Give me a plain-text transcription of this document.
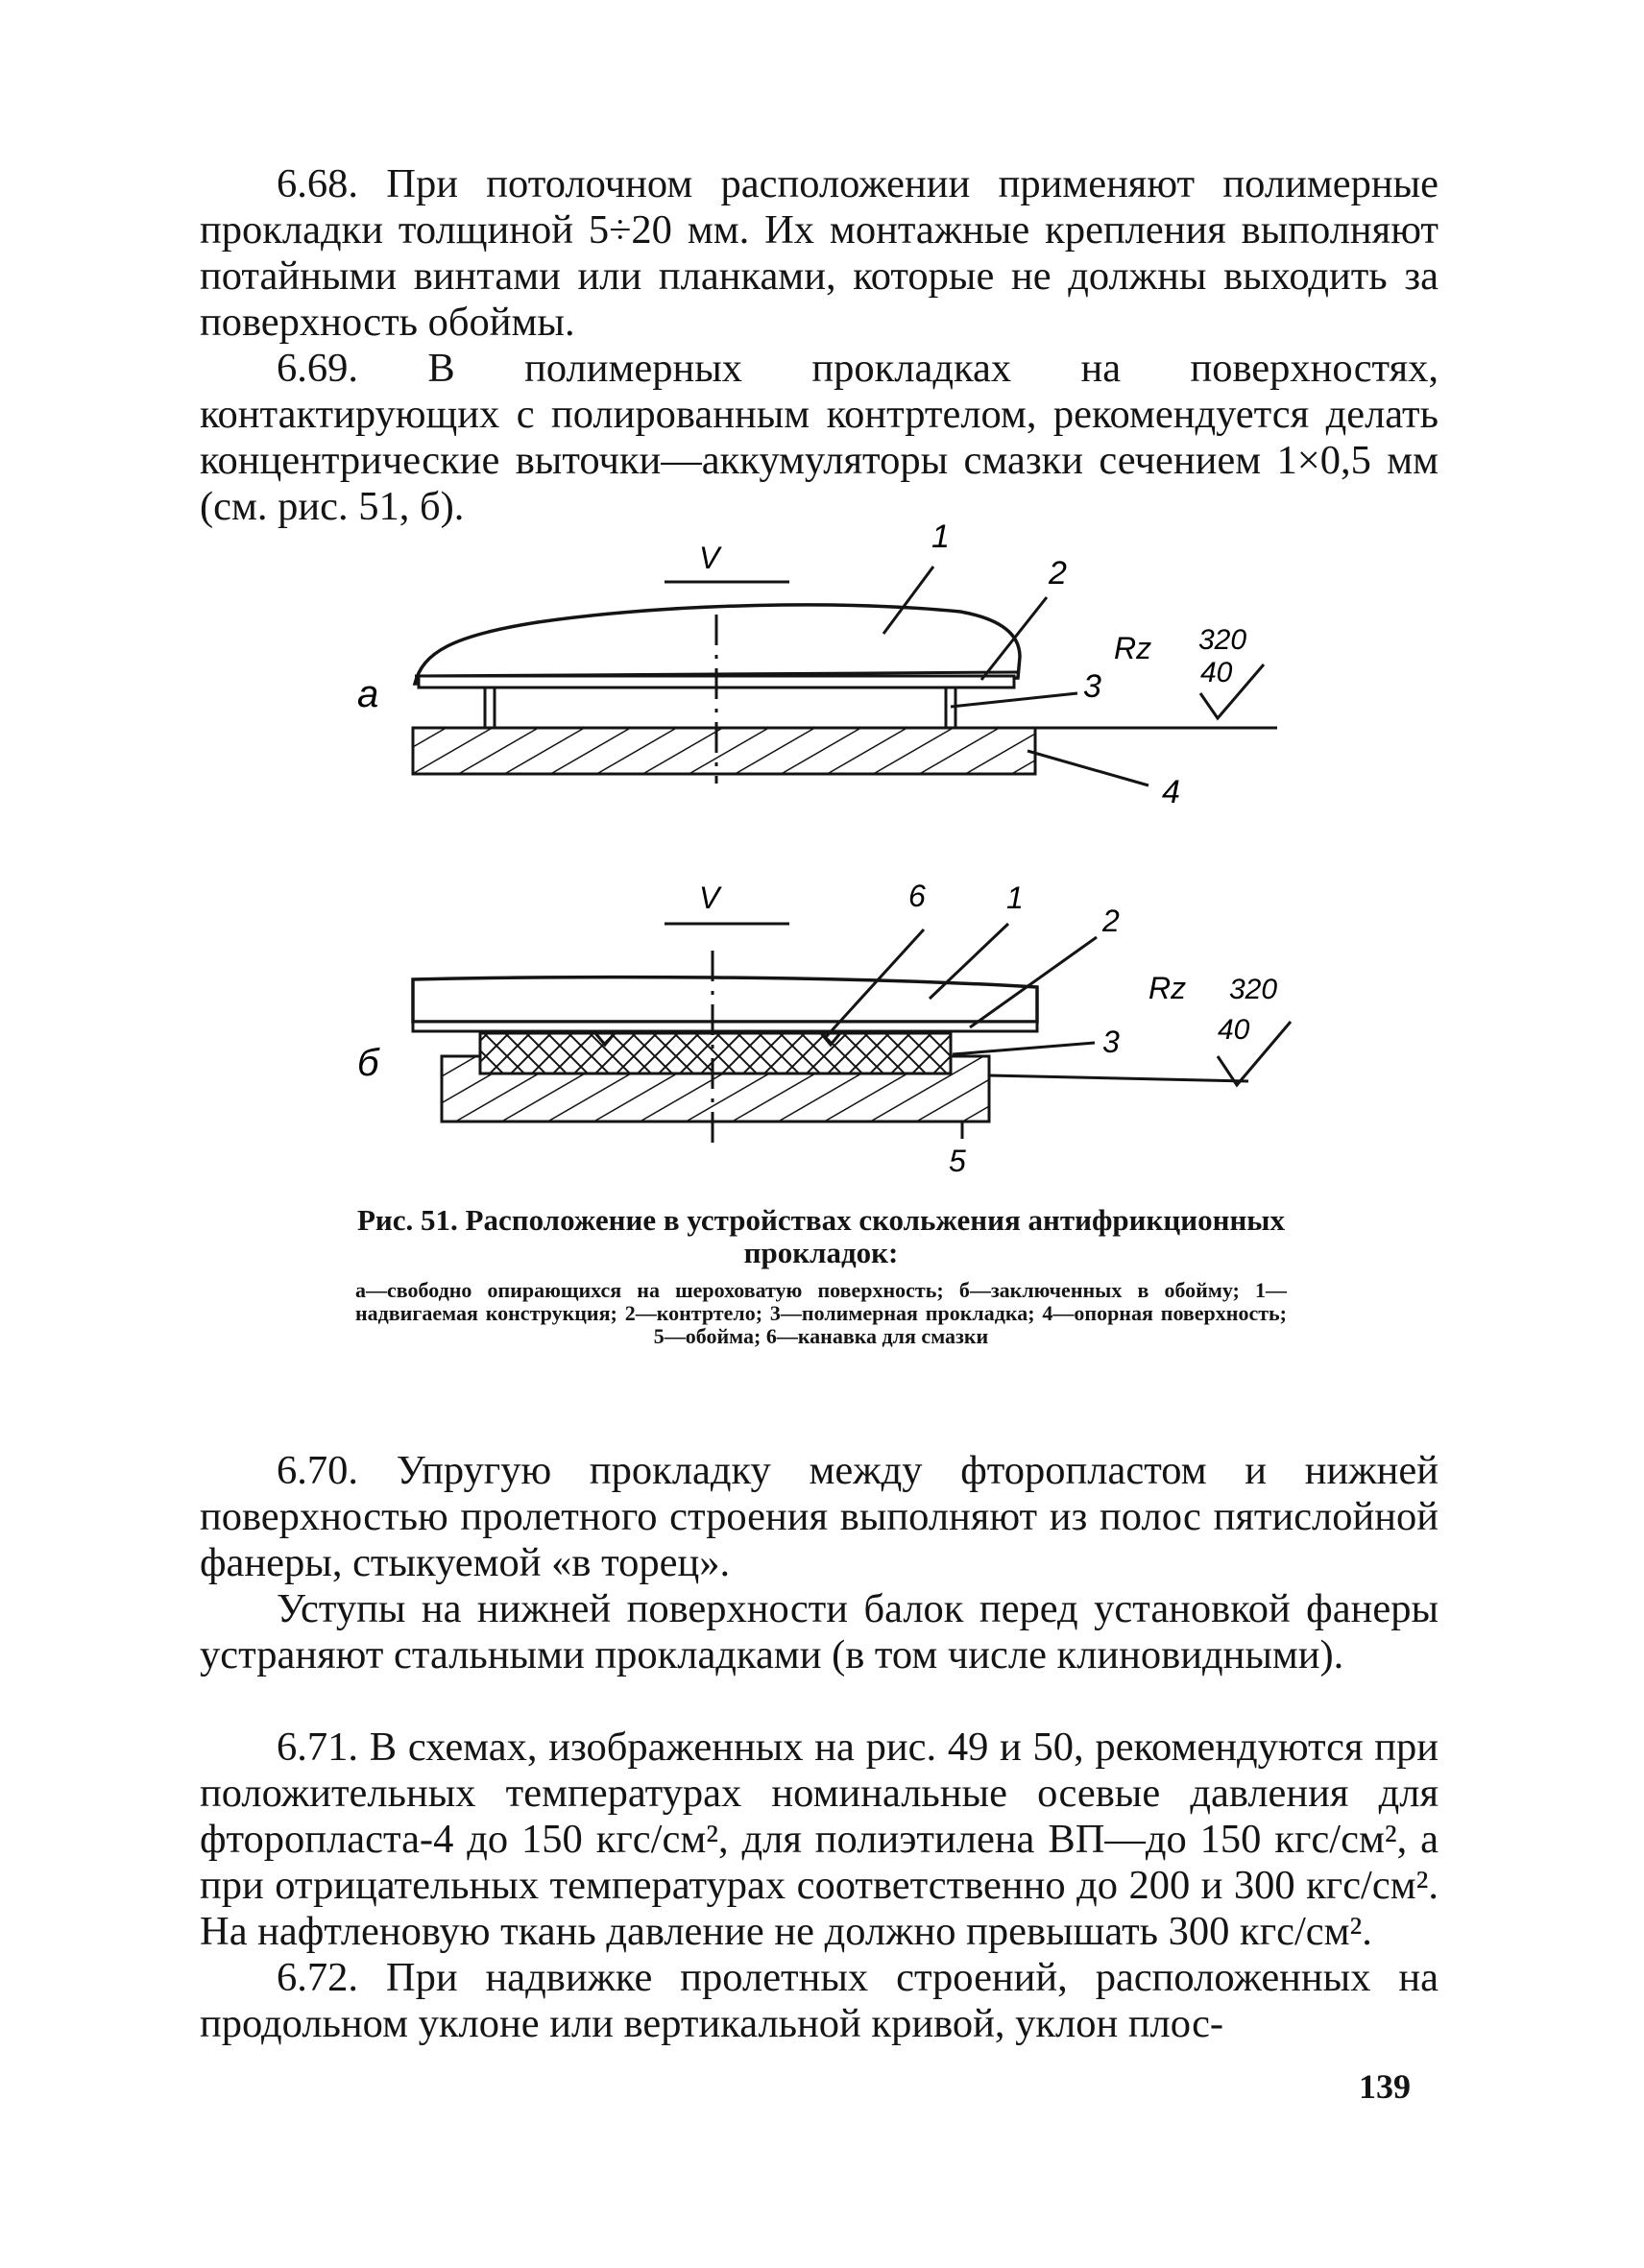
6.68. При потолочном расположении применяют полимерные прокладки толщиной 5÷20 мм. Их монтажные крепления выполняют потайными винтами или планками, которые не должны выходить за поверхность обоймы.

6.69. В полимерных прокладках на поверхностях, контактирующих с полированным контртелом, рекомендуется делать концентрические выточки—аккумуляторы смазки сечением 1×0,5 мм (см. рис. 51, б).

V
а
1
2
3
4
Rz 320
40
V
б
6	1
2
3
5
Rz 320
40
Рис. 51. Расположение в устройствах скольжения антифрикционных прокладок:
а—свободно опирающихся на шероховатую поверхность; б—заключенных в обойму; 1—надвигаемая конструкция; 2—контртело; 3—полимерная прокладка; 4—опорная поверхность; 5—обойма; 6—канавка для смазки

6.70. Упругую прокладку между фторопластом и нижней поверхностью пролетного строения выполняют из полос пятислойной фанеры, стыкуемой «в торец».

Уступы на нижней поверхности балок перед установкой фанеры устраняют стальными прокладками (в том числе клиновидными).

6.71. В схемах, изображенных на рис. 49 и 50, рекомендуются при положительных температурах номинальные осевые давления для фторопласта-4 до 150 кгс/см², для полиэтилена ВП—до 150 кгс/см², а при отрицательных температурах соответственно до 200 и 300 кгс/см². На нафтленовую ткань давление не должно превышать 300 кгс/см².

6.72. При надвижке пролетных строений, расположенных на продольном уклоне или вертикальной кривой, уклон плос-

139
